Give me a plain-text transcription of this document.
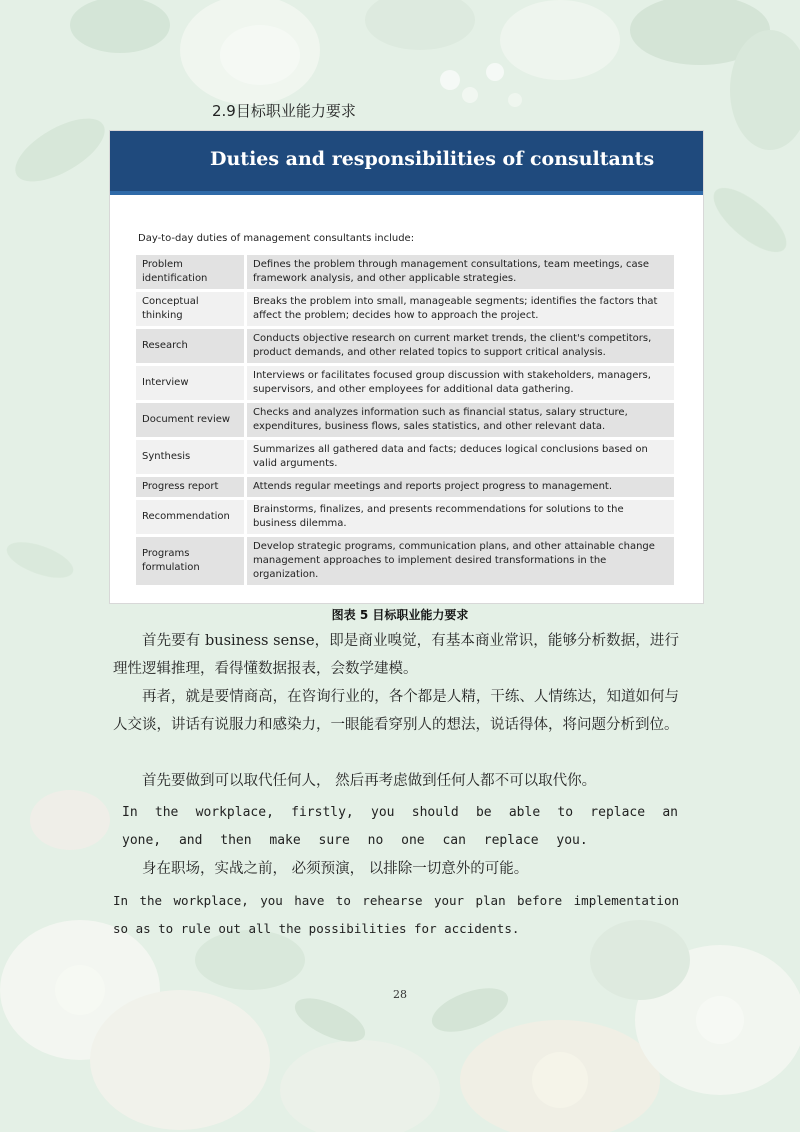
2.9目标职业能力要求
Duties and responsibilities of consultants
Day-to-day duties of management consultants include:
Problem identification	Defines the problem through management consultations, team meetings, case framework analysis, and other applicable strategies.
Conceptual thinking	Breaks the problem into small, manageable segments; identifies the factors that affect the problem; decides how to approach the project.
Research	Conducts objective research on current market trends, the client's competitors, product demands, and other related topics to support critical analysis.
Interview	Interviews or facilitates focused group discussion with stakeholders, managers, supervisors, and other employees for additional data gathering.
Document review	Checks and analyzes information such as financial status, salary structure, expenditures, business flows, sales statistics, and other relevant data.
Synthesis	Summarizes all gathered data and facts; deduces logical conclusions based on valid arguments.
Progress report	Attends regular meetings and reports project progress to management.
Recommendation	Brainstorms, finalizes, and presents recommendations for solutions to the business dilemma.
Programs formulation	Develop strategic programs, communication plans, and other attainable change management approaches to implement desired transformations in the organization.
图表 5 目标职业能力要求
首先要有 business sense，即是商业嗅觉，有基本商业常识，能够分析数据，进行理性逻辑推理，看得懂数据报表，会数学建模。
再者，就是要情商高，在咨询行业的，各个都是人精，干练、人情练达，知道如何与人交谈，讲话有说服力和感染力，一眼能看穿别人的想法，说话得体，将问题分析到位。
首先要做到可以取代任何人， 然后再考虑做到任何人都不可以取代你。
In the workplace, firstly, you should be able to replace an
yone, and then make sure no one can replace you.
身在职场，实战之前， 必须预演， 以排除一切意外的可能。
In the workplace, you have to rehearse your plan before implementation
so as to rule out all the possibilities for accidents.
28
